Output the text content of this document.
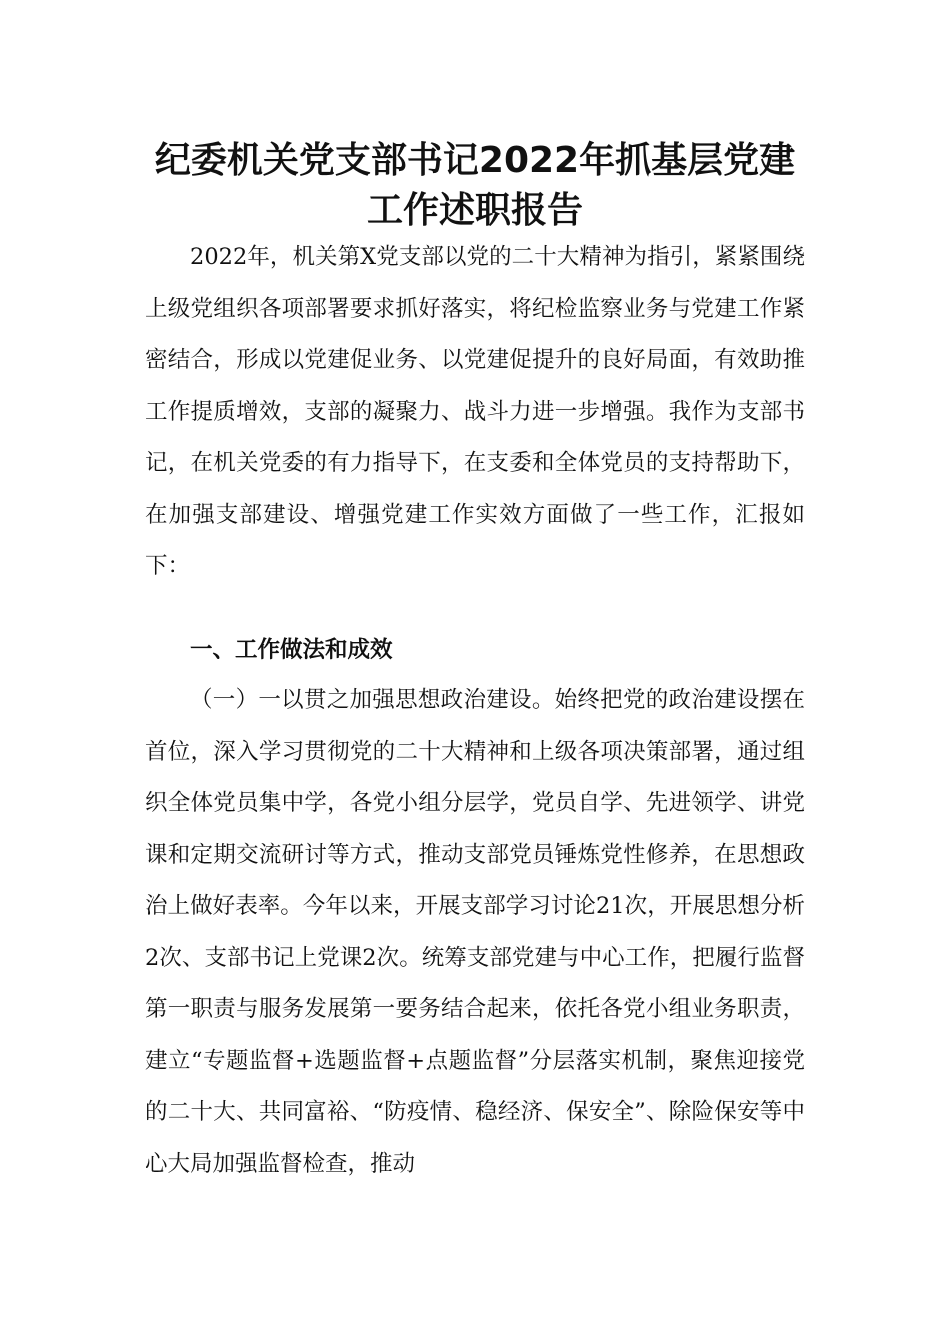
纪委机关党支部书记2022年抓基层党建
工作述职报告

2022年，机关第X党支部以党的二十大精神为指引，紧紧围绕上级党组织各项部署要求抓好落实，将纪检监察业务与党建工作紧密结合，形成以党建促业务、以党建促提升的良好局面，有效助推工作提质增效，支部的凝聚力、战斗力进一步增强。我作为支部书记，在机关党委的有力指导下，在支委和全体党员的支持帮助下，在加强支部建设、增强党建工作实效方面做了一些工作，汇报如下：

一、工作做法和成效

（一）一以贯之加强思想政治建设。始终把党的政治建设摆在首位，深入学习贯彻党的二十大精神和上级各项决策部署，通过组织全体党员集中学，各党小组分层学，党员自学、先进领学、讲党课和定期交流研讨等方式，推动支部党员锤炼党性修养，在思想政治上做好表率。今年以来，开展支部学习讨论21次，开展思想分析2次、支部书记上党课2次。统筹支部党建与中心工作，把履行监督第一职责与服务发展第一要务结合起来，依托各党小组业务职责，建立“专题监督+选题监督+点题监督”分层落实机制，聚焦迎接党的二十大、共同富裕、“防疫情、稳经济、保安全”、除险保安等中心大局加强监督检查，推动
